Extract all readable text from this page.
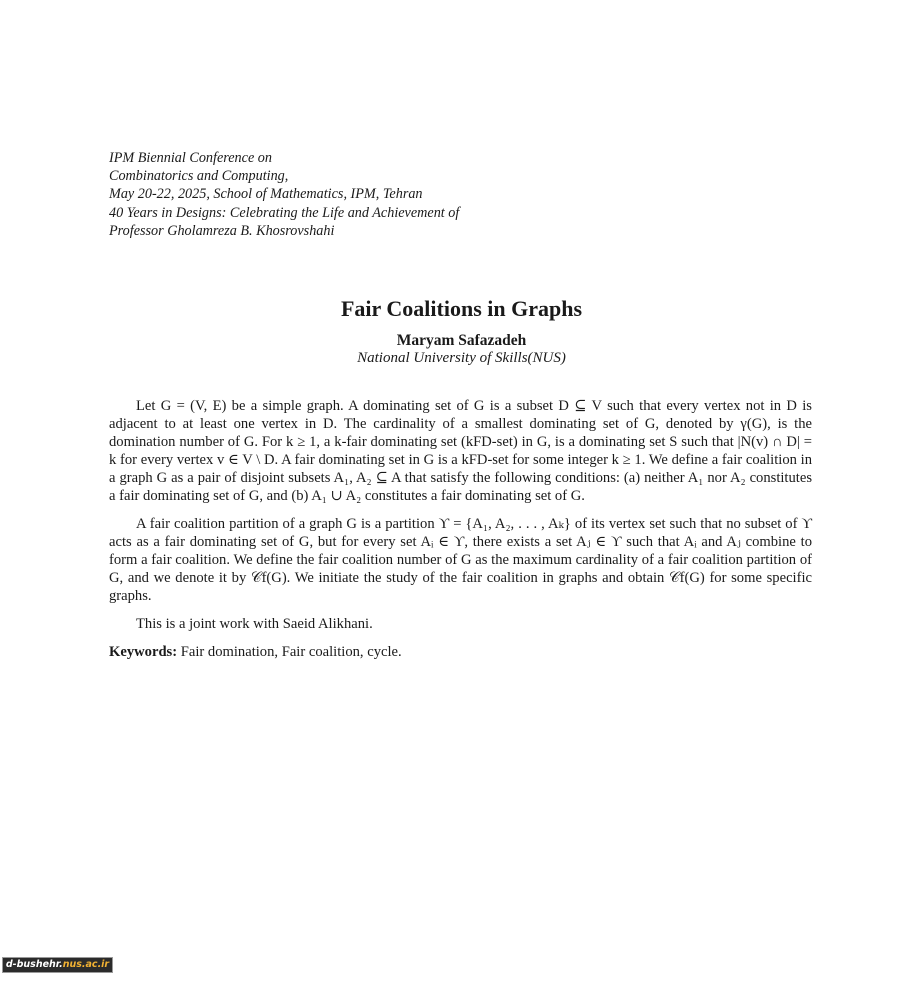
IPM Biennial Conference on
Combinatorics and Computing,
May 20-22, 2025, School of Mathematics, IPM, Tehran
40 Years in Designs: Celebrating the Life and Achievement of
Professor Gholamreza B. Khosrovshahi
Fair Coalitions in Graphs
Maryam Safazadeh
National University of Skills(NUS)

Let G = (V, E) be a simple graph. A dominating set of G is a subset D ⊆ V such that every vertex not in D is adjacent to at least one vertex in D. The cardinality of a smallest dominating set of G, denoted by γ(G), is the domination number of G. For k ≥ 1, a k-fair dominating set (kFD-set) in G, is a dominating set S such that |N(v) ∩ D| = k for every vertex v ∈ V \ D. A fair dominating set in G is a kFD-set for some integer k ≥ 1. We define a fair coalition in a graph G as a pair of disjoint subsets A₁, A₂ ⊆ A that satisfy the following conditions: (a) neither A₁ nor A₂ constitutes a fair dominating set of G, and (b) A₁ ∪ A₂ constitutes a fair dominating set of G.

A fair coalition partition of a graph G is a partition ϒ = {A₁, A₂, . . . , Aₖ} of its vertex set such that no subset of ϒ acts as a fair dominating set of G, but for every set Aᵢ ∈ ϒ, there exists a set Aⱼ ∈ ϒ such that Aᵢ and Aⱼ combine to form a fair coalition. We define the fair coalition number of G as the maximum cardinality of a fair coalition partition of G, and we denote it by 𝒞f(G). We initiate the study of the fair coalition in graphs and obtain 𝒞f(G) for some specific graphs.

This is a joint work with Saeid Alikhani.

Keywords: Fair domination, Fair coalition, cycle.

d-bushehr.nus.ac.ir
